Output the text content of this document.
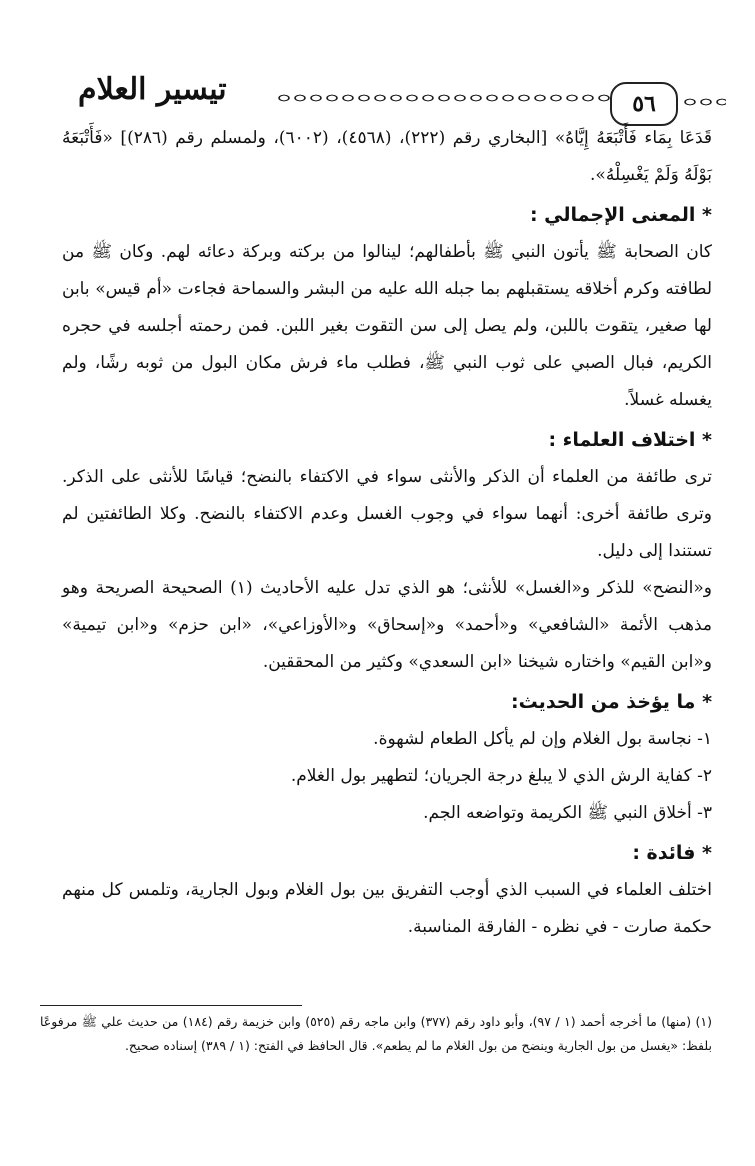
تيسير العلام	٥٦

قَدَعَا بِمَاء فَأَتْبَعَهُ إِيَّاهُ» [البخاري رقم (٢٢٢)، (٤٥٦٨)، (٦٠٠٢)، ولمسلم رقم (٢٨٦)] «فَأَتْبَعَهُ بَوْلَهُ وَلَمْ يَغْسِلْهُ».

* المعنى الإجمالي :

كان الصحابة ﷺ يأتون النبي ﷺ بأطفالهم؛ لينالوا من بركته وبركة دعائه لهم. وكان ﷺ من لطافته وكرم أخلاقه يستقبلهم بما جبله الله عليه من البشر والسماحة فجاءت «أم قيس» بابن لها صغير، يتقوت باللبن، ولم يصل إلى سن التقوت بغير اللبن. فمن رحمته أجلسه في حجره الكريم، فبال الصبي على ثوب النبي ﷺ، فطلب ماء فرش مكان البول من ثوبه رشًا، ولم يغسله غسلاً.

* اختلاف العلماء :

ترى طائفة من العلماء أن الذكر والأنثى سواء في الاكتفاء بالنضح؛ قياسًا للأنثى على الذكر. وترى طائفة أخرى: أنهما سواء في وجوب الغسل وعدم الاكتفاء بالنضح. وكلا الطائفتين لم تستندا إلى دليل.

و«النضح» للذكر و«الغسل» للأنثى؛ هو الذي تدل عليه الأحاديث (١) الصحيحة الصريحة وهو مذهب الأئمة «الشافعي» و«أحمد» و«إسحاق» و«الأوزاعي»، «ابن حزم» و«ابن تيمية» و«ابن القيم» واختاره شيخنا «ابن السعدي» وكثير من المحققين.

* ما يؤخذ من الحديث:

١- نجاسة بول الغلام وإن لم يأكل الطعام لشهوة.

٢- كفاية الرش الذي لا يبلغ درجة الجريان؛ لتطهير بول الغلام.

٣- أخلاق النبي ﷺ الكريمة وتواضعه الجم.

* فائدة :

اختلف العلماء في السبب الذي أوجب التفريق بين بول الغلام وبول الجارية، وتلمس كل منهم حكمة صارت - في نظره - الفارقة المناسبة.

(١) (منها) ما أخرجه أحمد (١ / ٩٧)، وأبو داود رقم (٣٧٧) وابن ماجه رقم (٥٢٥) وابن خزيمة رقم (١٨٤) من حديث علي ﷺ مرفوعًا بلفظ: «يغسل من بول الجارية وينضح من بول الغلام ما لم يطعم». قال الحافظ في الفتح: (١ / ٣٨٩) إسناده صحيح.
